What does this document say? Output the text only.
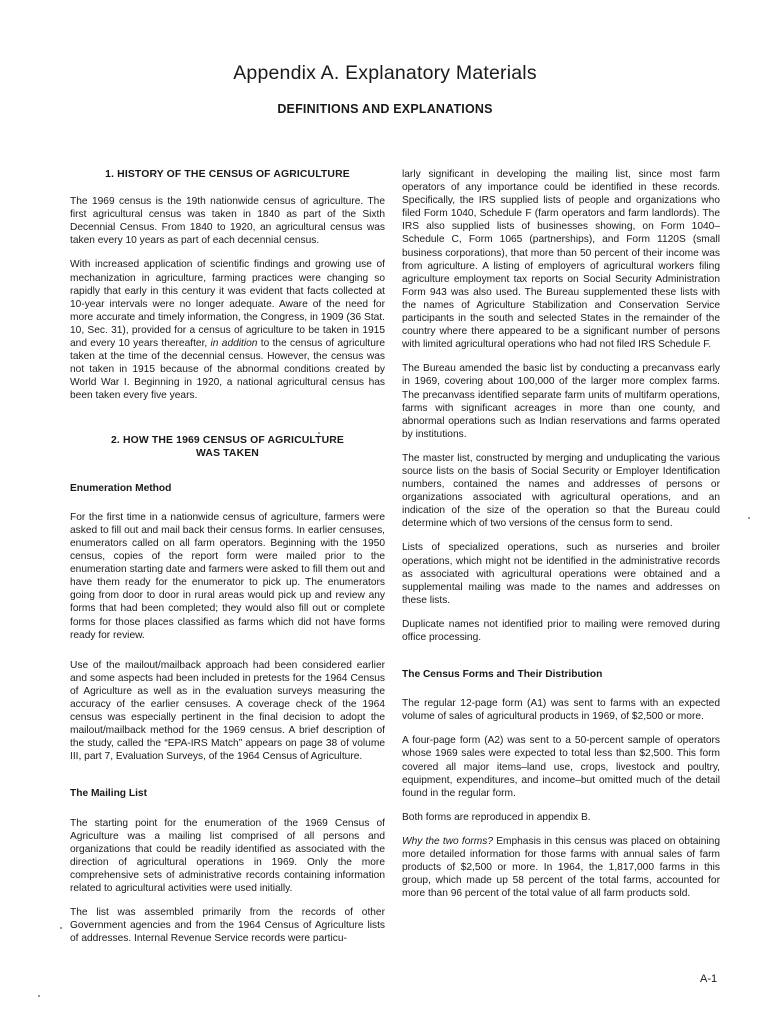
Appendix A. Explanatory Materials
DEFINITIONS AND EXPLANATIONS
1. HISTORY OF THE CENSUS OF AGRICULTURE

The 1969 census is the 19th nationwide census of agriculture. The first agricultural census was taken in 1840 as part of the Sixth Decennial Census. From 1840 to 1920, an agricultural census was taken every 10 years as part of each decennial census.

With increased application of scientific findings and growing use of mechanization in agriculture, farming practices were changing so rapidly that early in this century it was evident that facts collected at 10-year intervals were no longer adequate. Aware of the need for more accurate and timely information, the Congress, in 1909 (36 Stat. 10, Sec. 31), provided for a census of agriculture to be taken in 1915 and every 10 years thereafter, in addition to the census of agriculture taken at the time of the decennial census. However, the census was not taken in 1915 because of the abnormal conditions created by World War I. Beginning in 1920, a national agricultural census has been taken every five years.

2. HOW THE 1969 CENSUS OF AGRICULTURE
WAS TAKEN
Enumeration Method

For the first time in a nationwide census of agriculture, farmers were asked to fill out and mail back their census forms. In earlier censuses, enumerators called on all farm operators. Beginning with the 1950 census, copies of the report form were mailed prior to the enumeration starting date and farmers were asked to fill them out and have them ready for the enumerator to pick up. The enumerators going from door to door in rural areas would pick up and review any forms that had been completed; they would also fill out or complete forms for those places classified as farms which did not have forms ready for review.

Use of the mailout/mailback approach had been considered earlier and some aspects had been included in pretests for the 1964 Census of Agriculture as well as in the evaluation surveys measuring the accuracy of the earlier censuses. A coverage check of the 1964 census was especially pertinent in the final decision to adopt the mailout/mailback method for the 1969 census. A brief description of the study, called the “EPA-IRS Match” appears on page 38 of volume III, part 7, Evaluation Surveys, of the 1964 Census of Agriculture.

The Mailing List

The starting point for the enumeration of the 1969 Census of Agriculture was a mailing list comprised of all persons and organizations that could be readily identified as associated with the direction of agricultural operations in 1969. Only the more comprehensive sets of administrative records containing information related to agricultural activities were used initially.

The list was assembled primarily from the records of other Government agencies and from the 1964 Census of Agriculture lists of addresses. Internal Revenue Service records were particu-

larly significant in developing the mailing list, since most farm operators of any importance could be identified in these records. Specifically, the IRS supplied lists of people and organizations who filed Form 1040, Schedule F (farm operators and farm landlords). The IRS also supplied lists of businesses showing, on Form 1040–Schedule C, Form 1065 (partnerships), and Form 1120S (small business corporations), that more than 50 percent of their income was from agriculture. A listing of employers of agricultural workers filing agriculture employment tax reports on Social Security Administration Form 943 was also used. The Bureau supplemented these lists with the names of Agriculture Stabilization and Conservation Service participants in the south and selected States in the remainder of the country where there appeared to be a significant number of persons with limited agricultural operations who had not filed IRS Schedule F.

The Bureau amended the basic list by conducting a precanvass early in 1969, covering about 100,000 of the larger more complex farms. The precanvass identified separate farm units of multifarm operations, farms with significant acreages in more than one county, and abnormal operations such as Indian reservations and farms operated by institutions.

The master list, constructed by merging and unduplicating the various source lists on the basis of Social Security or Employer Identification numbers, contained the names and addresses of persons or organizations associated with agricultural operations, and an indication of the size of the operation so that the Bureau could determine which of two versions of the census form to send.

Lists of specialized operations, such as nurseries and broiler operations, which might not be identified in the administrative records as associated with agricultural operations were obtained and a supplemental mailing was made to the names and addresses on these lists.

Duplicate names not identified prior to mailing were removed during office processing.

The Census Forms and Their Distribution

The regular 12-page form (A1) was sent to farms with an expected volume of sales of agricultural products in 1969, of $2,500 or more.

A four-page form (A2) was sent to a 50-percent sample of operators whose 1969 sales were expected to total less than $2,500. This form covered all major items–land use, crops, livestock and poultry, equipment, expenditures, and income–but omitted much of the detail found in the regular form.

Both forms are reproduced in appendix B.

Why the two forms? Emphasis in this census was placed on obtaining more detailed information for those farms with annual sales of farm products of $2,500 or more. In 1964, the 1,817,000 farms in this group, which made up 58 percent of the total farms, accounted for more than 96 percent of the total value of all farm products sold.

A-1
